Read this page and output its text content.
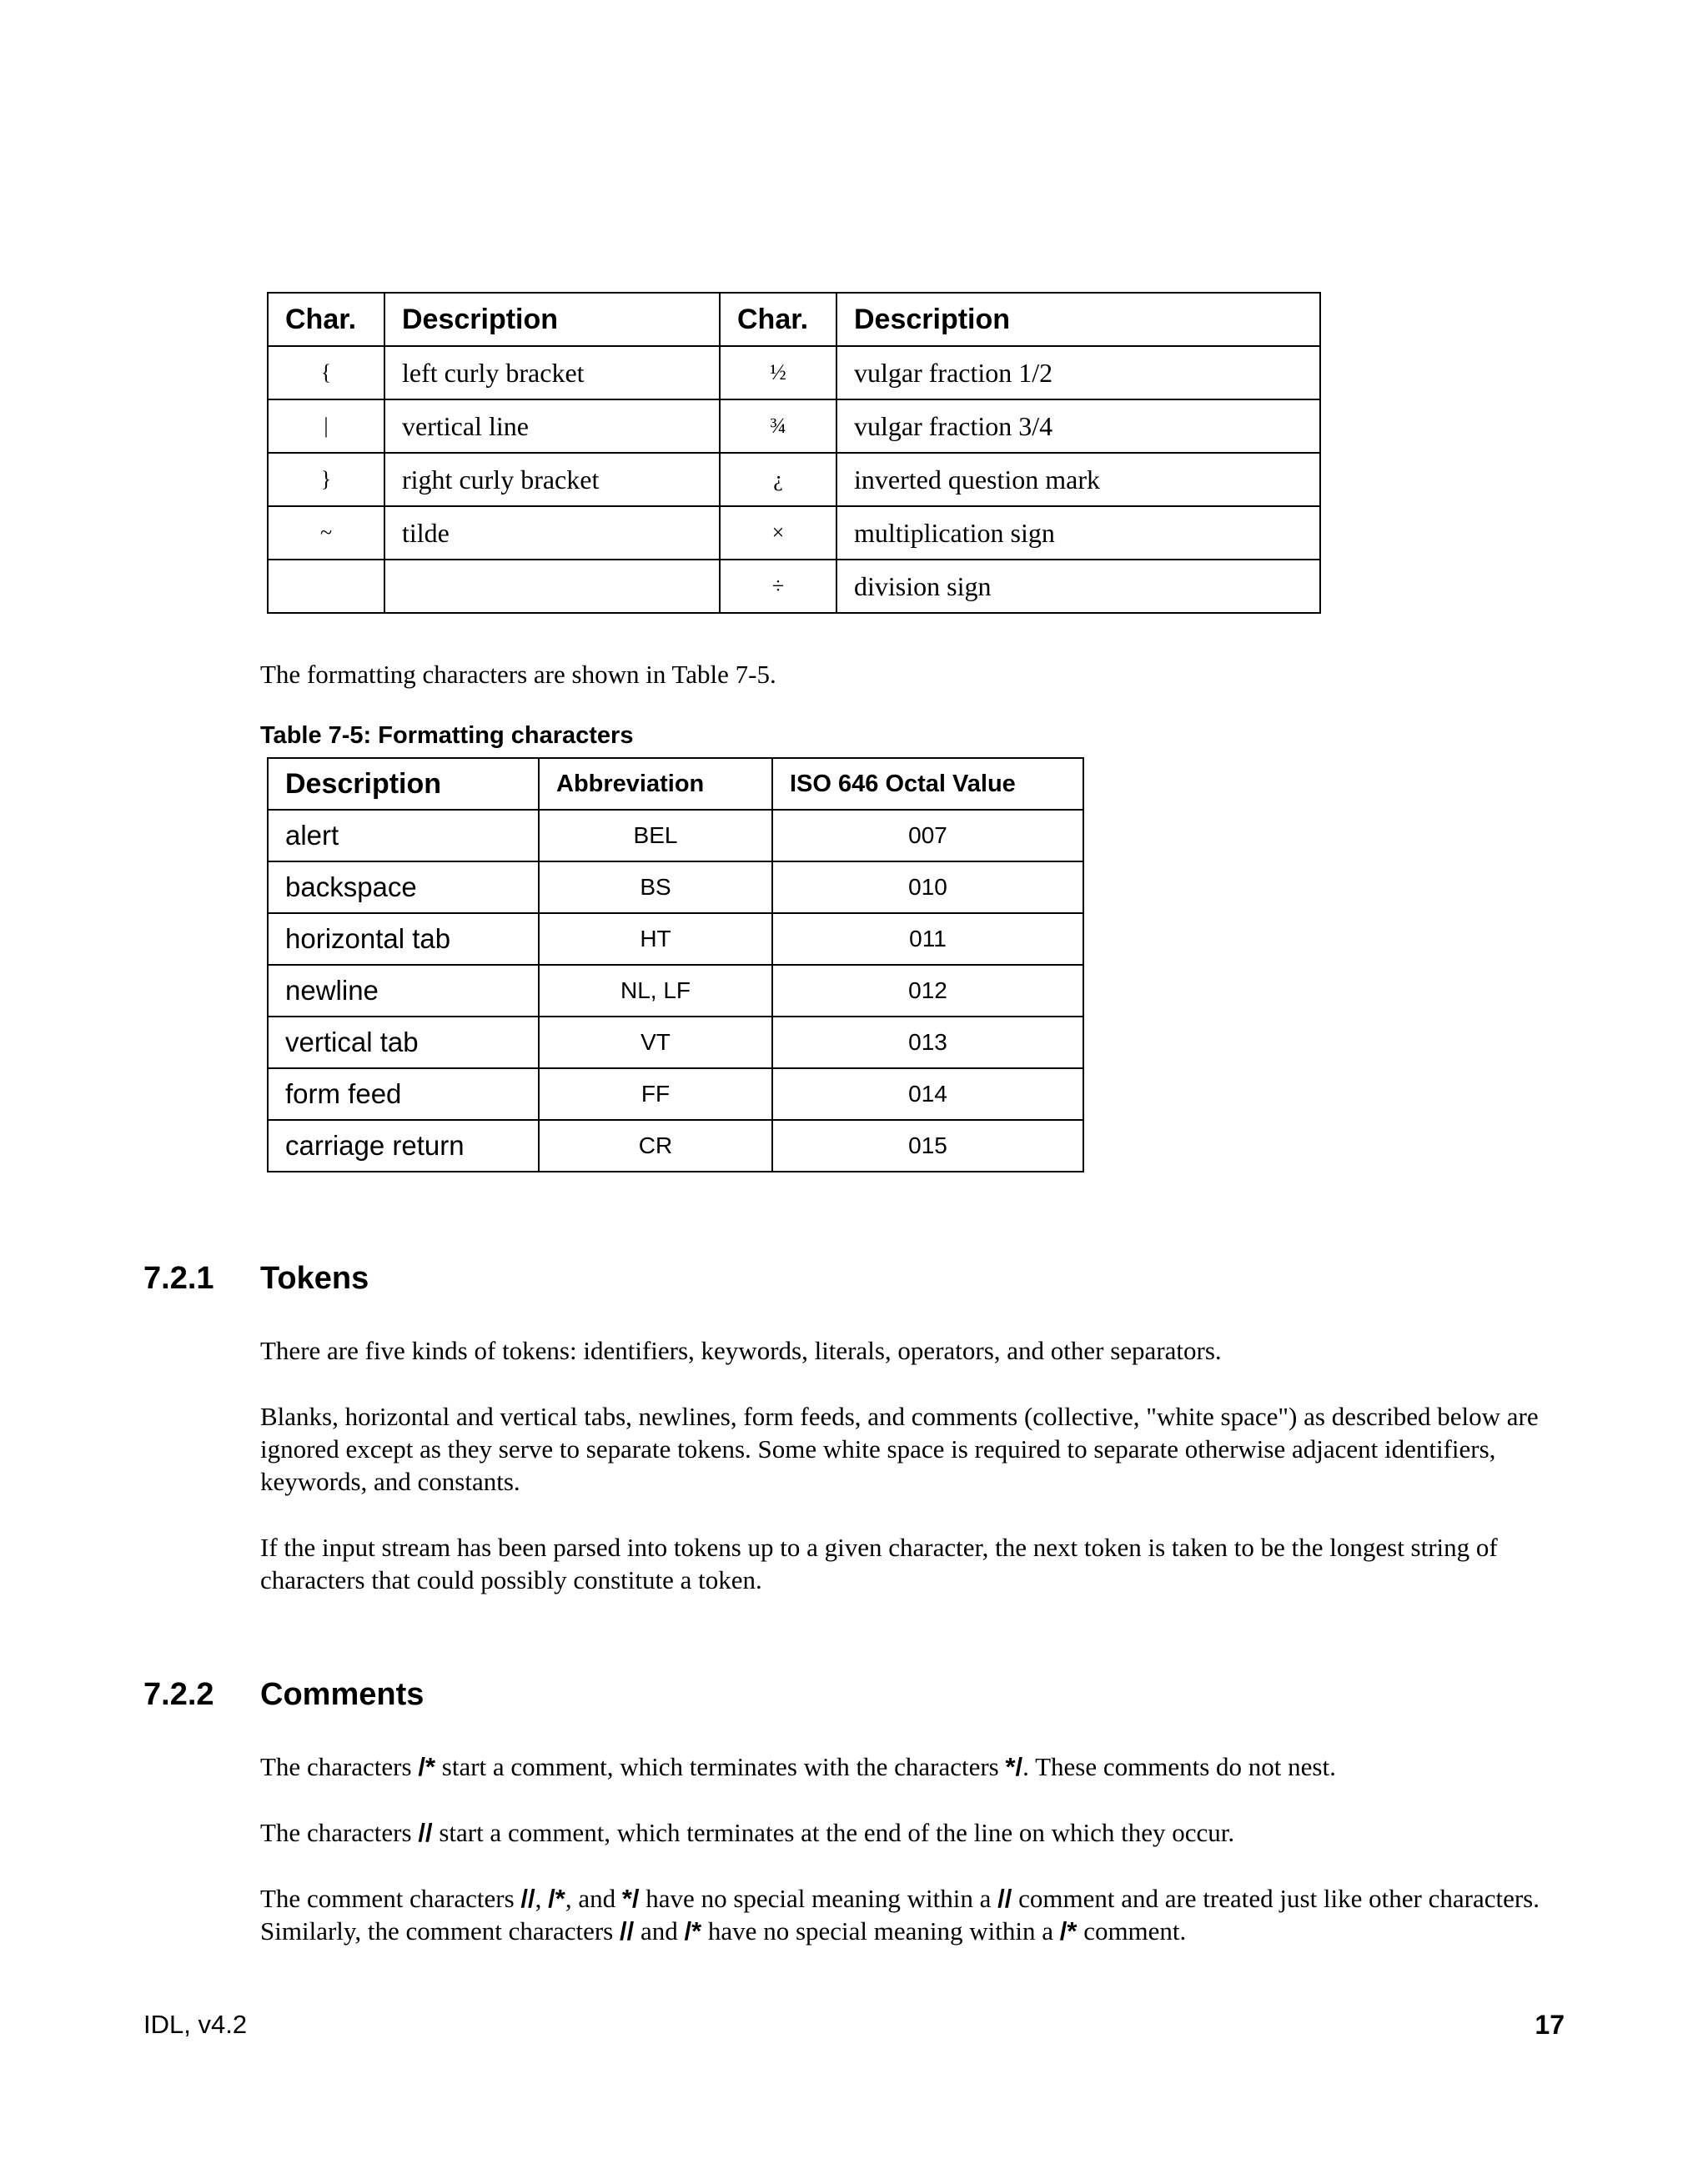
Char.	Description	Char.	Description
{	left curly bracket	½	vulgar fraction 1/2
|	vertical line	¾	vulgar fraction 3/4
}	right curly bracket	¿	inverted question mark
~	tilde	×	multiplication sign
		÷	division sign

The formatting characters are shown in Table 7-5.

Table 7-5: Formatting characters

Description	Abbreviation	ISO 646 Octal Value
alert	BEL	007
backspace	BS	010
horizontal tab	HT	011
newline	NL, LF	012
vertical tab	VT	013
form feed	FF	014
carriage return	CR	015
7.2.1 Tokens

There are five kinds of tokens: identifiers, keywords, literals, operators, and other separators.

Blanks, horizontal and vertical tabs, newlines, form feeds, and comments (collective, "white space") as described below are ignored except as they serve to separate tokens. Some white space is required to separate otherwise adjacent identifiers, keywords, and constants.

If the input stream has been parsed into tokens up to a given character, the next token is taken to be the longest string of characters that could possibly constitute a token.

7.2.2 Comments

The characters /* start a comment, which terminates with the characters */. These comments do not nest.

The characters // start a comment, which terminates at the end of the line on which they occur.

The comment characters //, /*, and */ have no special meaning within a // comment and are treated just like other characters. Similarly, the comment characters // and /* have no special meaning within a /* comment.

IDL, v4.2	17
